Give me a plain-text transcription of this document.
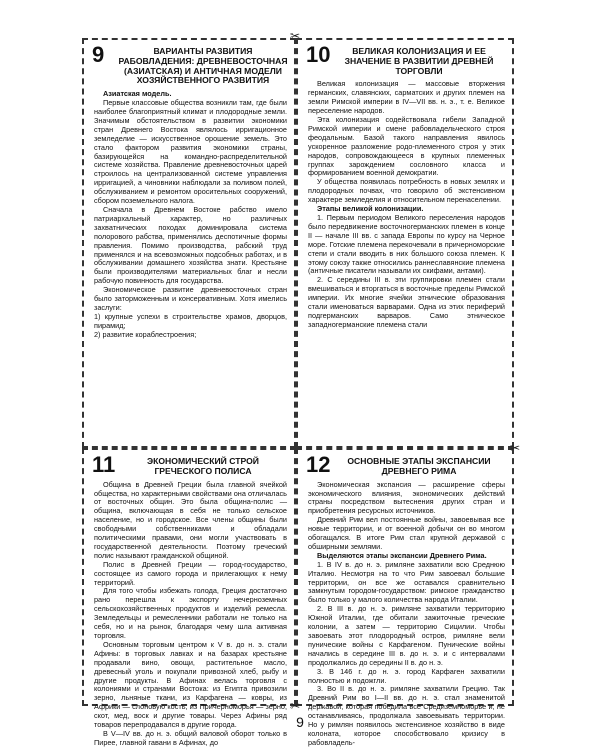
9	ВАРИАНТЫ РАЗВИТИЯ РАБОВЛАДЕНИЯ: ДРЕВНЕВОСТОЧНАЯ (АЗИАТСКАЯ) И АНТИЧНАЯ МОДЕЛИ ХОЗЯЙСТВЕННОГО РАЗВИТИЯ

Азиатская модель.

Первые классовые общества возникли там, где были наиболее благоприятный климат и плодородные земли. Значимым обстоятельством в развитии экономики стран Древнего Востока являлось ирригационное земледелие — искусственное орошение земель. Это стало фактором развития экономики страны, базирующейся на командно-распределительной системе хозяйства. Правление древневосточных царей строилось на централизованной системе управления ирригацией, а чиновники наблюдали за поливом полей, обслуживанием и ремонтом оросительных сооружений, сбором поземельного налога.

Сначала в Древнем Востоке рабство имело патриархальный характер, но различных захватнических походах доминировала система полорового рабства, применялись деспотичные формы правления. Помимо производства, рабский труд применялся и на всевозможных подсобных работах, и в обслуживании домашнего хозяйства знати. Крестьяне были производителями материальных благ и несли рабочую повинность для государства.

Экономическое развитие древневосточных стран было заторможенным и консервативным. Хотя имелись заслуги:

1) крупные успехи в строительстве храмов, дворцов, пирамид;

2) развитие кораблестроения;

10	ВЕЛИКАЯ КОЛОНИЗАЦИЯ И ЕЕ ЗНАЧЕНИЕ В РАЗВИТИИ ДРЕВНЕЙ ТОРГОВЛИ

Великая колонизация — массовые вторжения германских, славянских, сарматских и других племен на земли Римской империи в IV—VII вв. н. э., т. е. Великое переселение народов.

Эта колонизация содействовала гибели Западной Римской империи и смене рабовладельческого строя феодальным. Базой такого направления явилось ускоренное разложение родо-племенного строя у этих народов, сопровождающееся в крупных племенных группах зарождением сословного класса и формированием военной демократии.

У общества появилась потребность в новых землях и плодородных почвах, что говорило об экстенсивном характере земледелия и относительном перенаселении.

Этапы великой колонизации.

1. Первым периодом Великого переселения народов было передвижение восточногерманских племен в конце II — начале III вв. с запада Европы по курсу на Черное море. Готские племена перекочевали в причерноморские степи и стали вводить в них большого союза племен. К этому союзу также относились раннеславянские племена (античные писатели называли их скифами, антами).

2. С середины III в. эти группировки племен стали вмешиваться и вторгаться в восточные пределы Римской империи. Их многие ячейки этнические образования стали именоваться варварами. Одна из этих периферий подгерманских варваров. Само этническое западногерманские племена стали

11	ЭКОНОМИЧЕСКИЙ СТРОЙ ГРЕЧЕСКОГО ПОЛИСА

Община в Древней Греции была главной ячейкой общества, но характерными свойствами она отличалась от восточных общин. Это была община-полис — община, включающая в себя не только сельское население, но и городское. Все члены общины были свободными собственниками и обладали политическими правами, они могли участвовать в государственной деятельности. Поэтому греческий полис называют гражданской общиной.

Полис в Древней Греции — город-государство, состоящее из самого города и прилегающих к нему территорий.

Для того чтобы избежать голода, Греция достаточно рано перешла к экспорту нечерноземных сельскохозяйственных продуктов и изделий ремесла. Земледельцы и ремесленники работали не только на себя, но и на рынок, благодаря чему шла активная торговля.

Основным торговым центром к V в. до н. э. стали Афины: в торговых лавках и на базарах крестьяне продавали вино, овощи, растительное масло, древесный уголь и покупали привозной хлеб, рыбу и другие продукты. В Афинах велась торговля с колониями и странами Востока: из Египта привозили зерно, льняные ткани, из Карфагена — ковры, из Африки — слоновую кость, из Причерноморья — зерно, скот, мед, воск и другие товары. Через Афины ряд товаров перепродавался в другие города.

В V—IV вв. до н. э. общий валовой оборот только в Пирее, главной гавани в Афинах, до

12	ОСНОВНЫЕ ЭТАПЫ ЭКСПАНСИИ ДРЕВНЕГО РИМА

Экономическая экспансия — расширение сферы экономического влияния, экономических действий страны посредством вытеснения других стран и приобретения ресурсных источников.

Древний Рим вел постоянные войны, завоевывая все новые территории, и от военной добычи он во многом обогащался. В итоге Рим стал крупной державой с обширными землями.

Выделяются этапы экспансии Древнего Рима.

1. В IV в. до н. э. римляне захватили всю Среднюю Италию. Несмотря на то что Рим завоевал большие территории, он все же оставался сравнительно замкнутым городом-государством: римское гражданство было только у малого количества народа Италии.

2. В III в. до н. э. римляне захватили территорию Южной Италии, где обитали зажиточные греческие колонии, а затем — территорию Сицилии. Чтобы завоевать этот плодородный остров, римляне вели пунические войны с Карфагеном. Пунические войны начались в середине III в. до н. э. и с интервалами продолжались до середины II в. до н. э.

3. В 146 г. до н. э. город Карфаген захватили полностью и подожгли.

3. Во II в. до н. э. римляне захватили Грецию. Так Древний Рим во I—II вв. до н. э. стал знаменитой державой, которая победила все Средиземноморье и, не останавливаясь, продолжала завоевывать территории. Но у римлян появилось экстенсивное хозяйство в виде колоната, которое способствовало кризису в рабовладель-

✂
✂
✂
9
